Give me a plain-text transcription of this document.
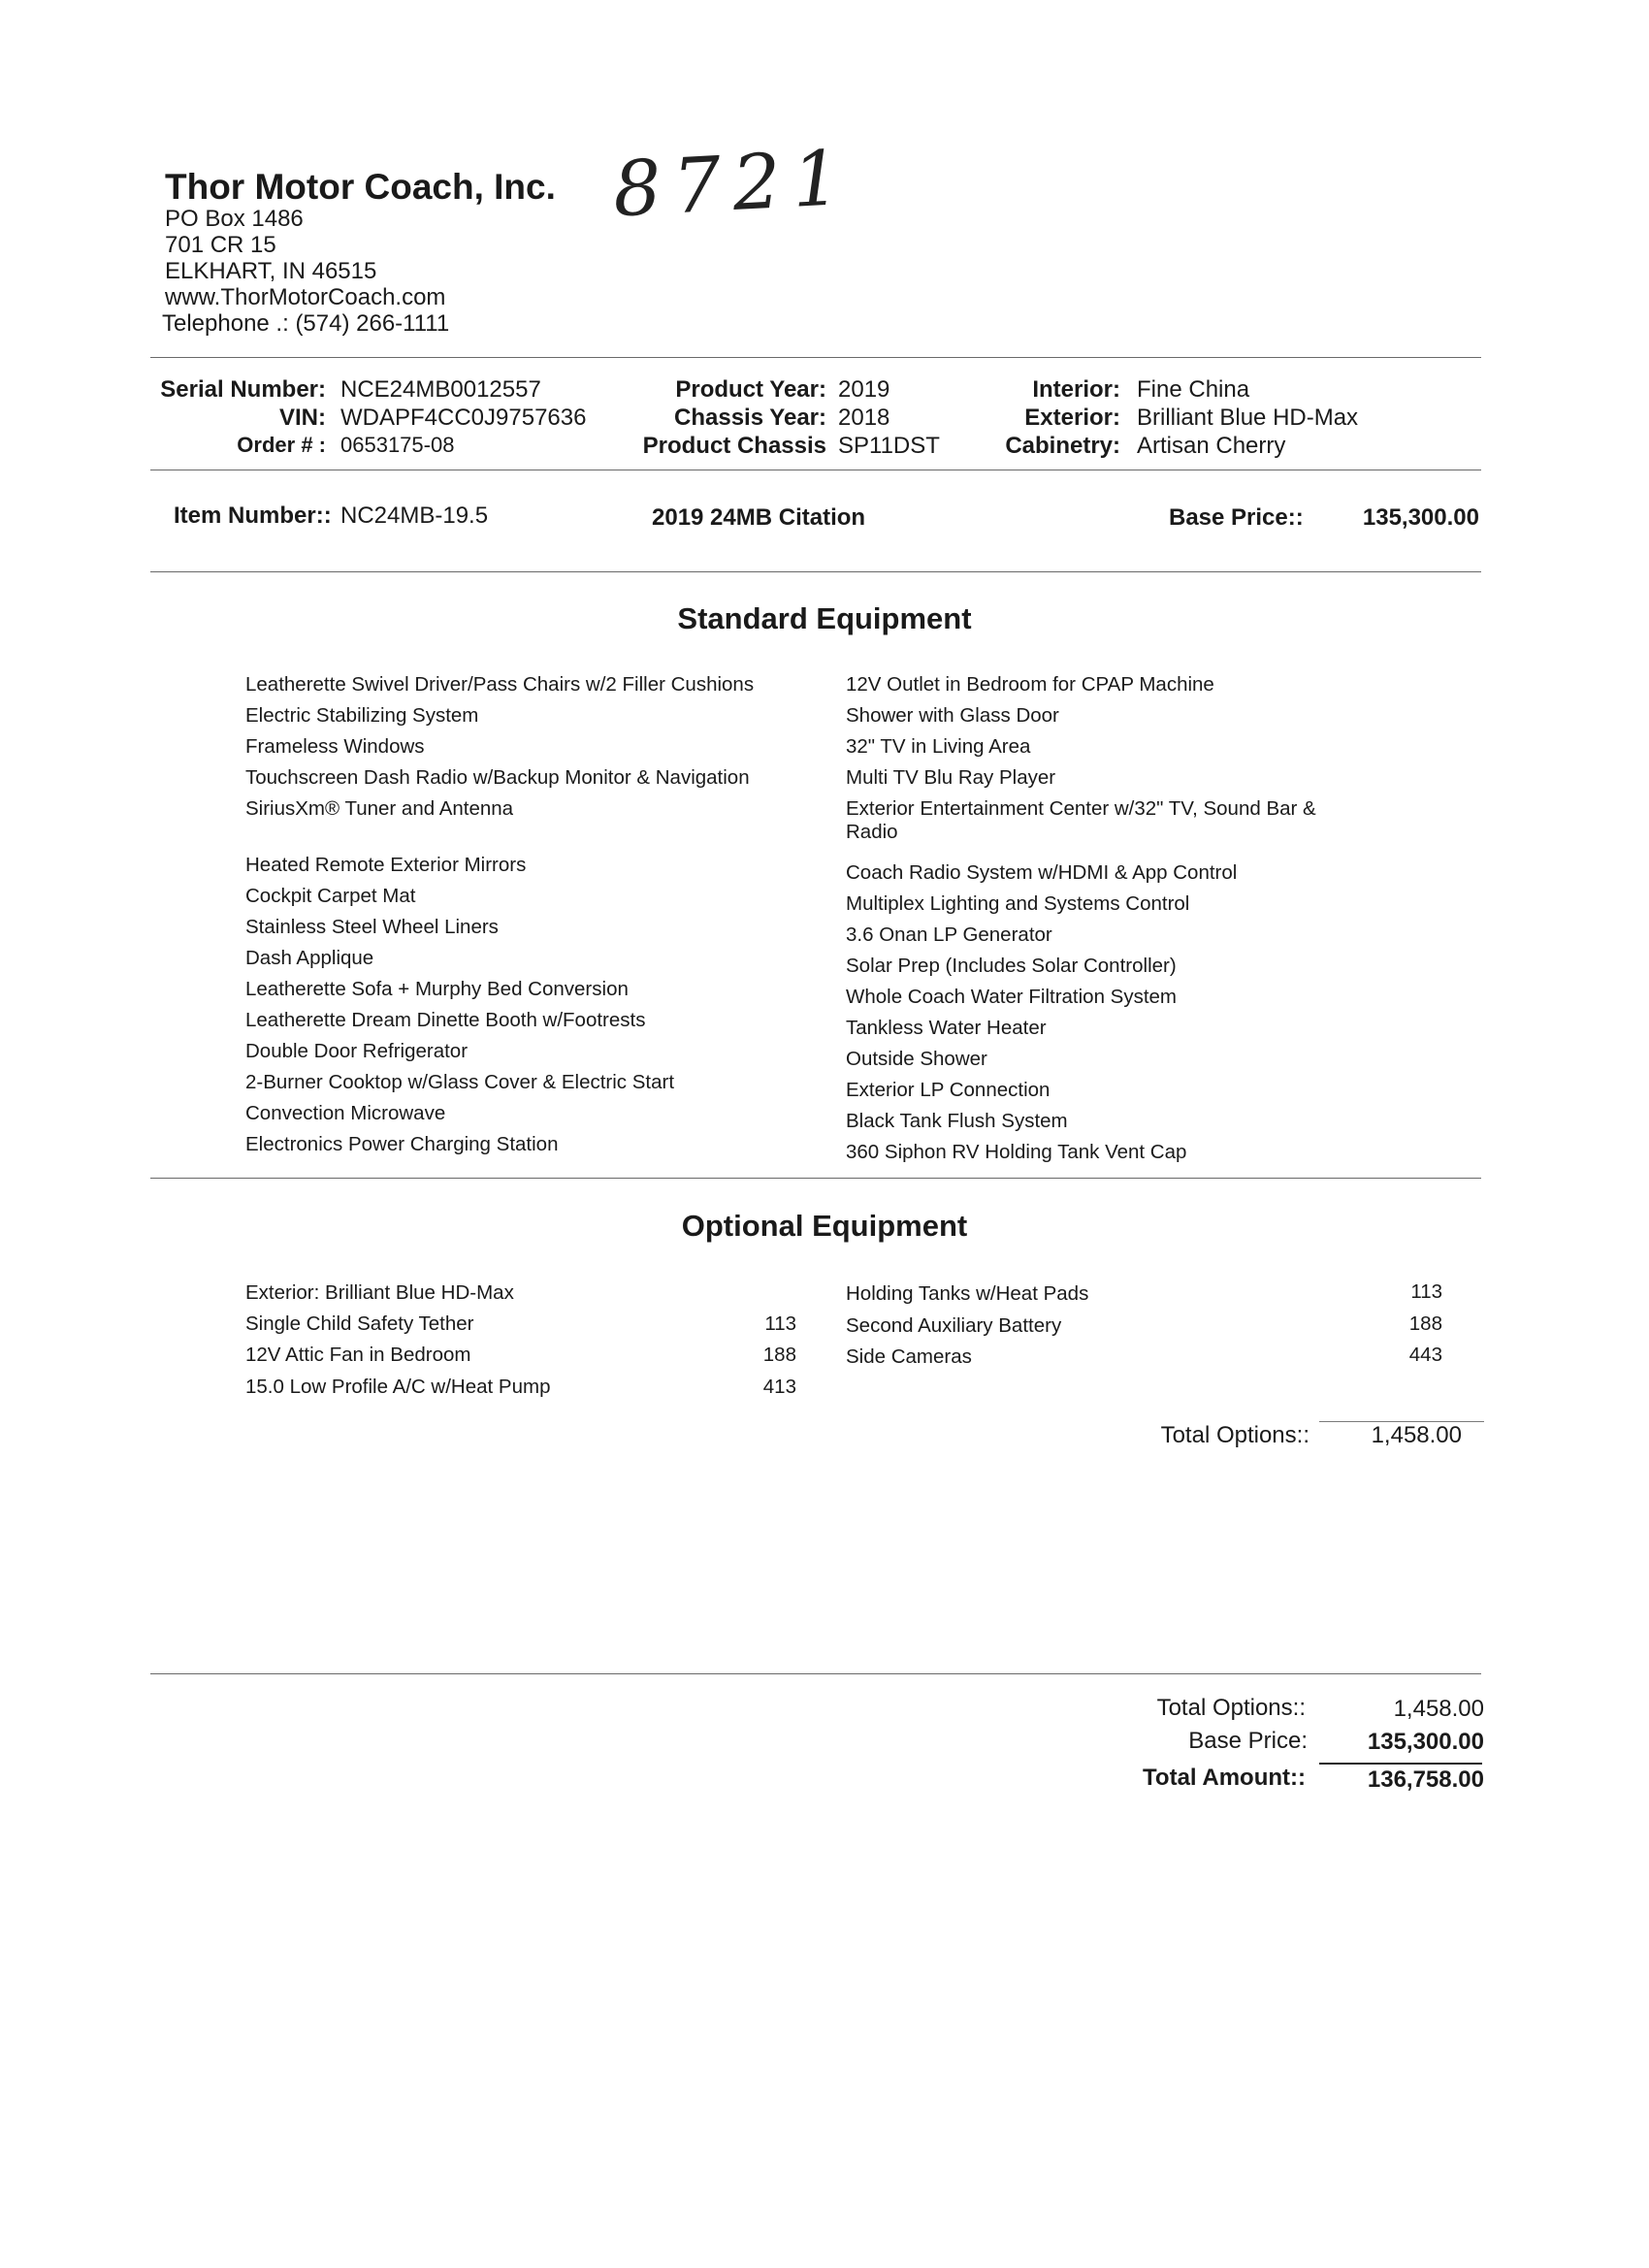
Thor Motor Coach, Inc. 8721
PO Box 1486
701 CR 15
ELKHART, IN 46515
www.ThorMotorCoach.com
Telephone .: (574) 266-1111
Serial Number: NCE24MB0012557
VIN: WDAPF4CC0J9757636
Order # : 0653175-08
Product Year: 2019
Chassis Year: 2018
Product Chassis SP11DST
Interior: Fine China
Exterior: Brilliant Blue HD-Max
Cabinetry: Artisan Cherry
Item Number:: NC24MB-19.5	2019 24MB Citation	Base Price::	135,300.00
Standard Equipment
Leatherette Swivel Driver/Pass Chairs w/2 Filler Cushions
Electric Stabilizing System
Frameless Windows
Touchscreen Dash Radio w/Backup Monitor & Navigation
SiriusXm® Tuner and Antenna
Heated Remote Exterior Mirrors
Cockpit Carpet Mat
Stainless Steel Wheel Liners
Dash Applique
Leatherette Sofa + Murphy Bed Conversion
Leatherette Dream Dinette Booth w/Footrests
Double Door Refrigerator
2-Burner Cooktop w/Glass Cover & Electric Start
Convection Microwave
Electronics Power Charging Station
12V Outlet in Bedroom for CPAP Machine
Shower with Glass Door
32" TV in Living Area
Multi TV Blu Ray Player
Exterior Entertainment Center w/32" TV, Sound Bar & Radio
Coach Radio System w/HDMI & App Control
Multiplex Lighting and Systems Control
3.6 Onan LP Generator
Solar Prep (Includes Solar Controller)
Whole Coach Water Filtration System
Tankless Water Heater
Outside Shower
Exterior LP Connection
Black Tank Flush System
360 Siphon RV Holding Tank Vent Cap
Optional Equipment
Exterior: Brilliant Blue HD-Max
Single Child Safety Tether	113
12V Attic Fan in Bedroom	188
15.0 Low Profile A/C w/Heat Pump	413
Holding Tanks w/Heat Pads	113
Second Auxiliary Battery	188
Side Cameras	443
Total Options::	1,458.00
Total Options::	1,458.00
Base Price:	135,300.00
Total Amount::	136,758.00
